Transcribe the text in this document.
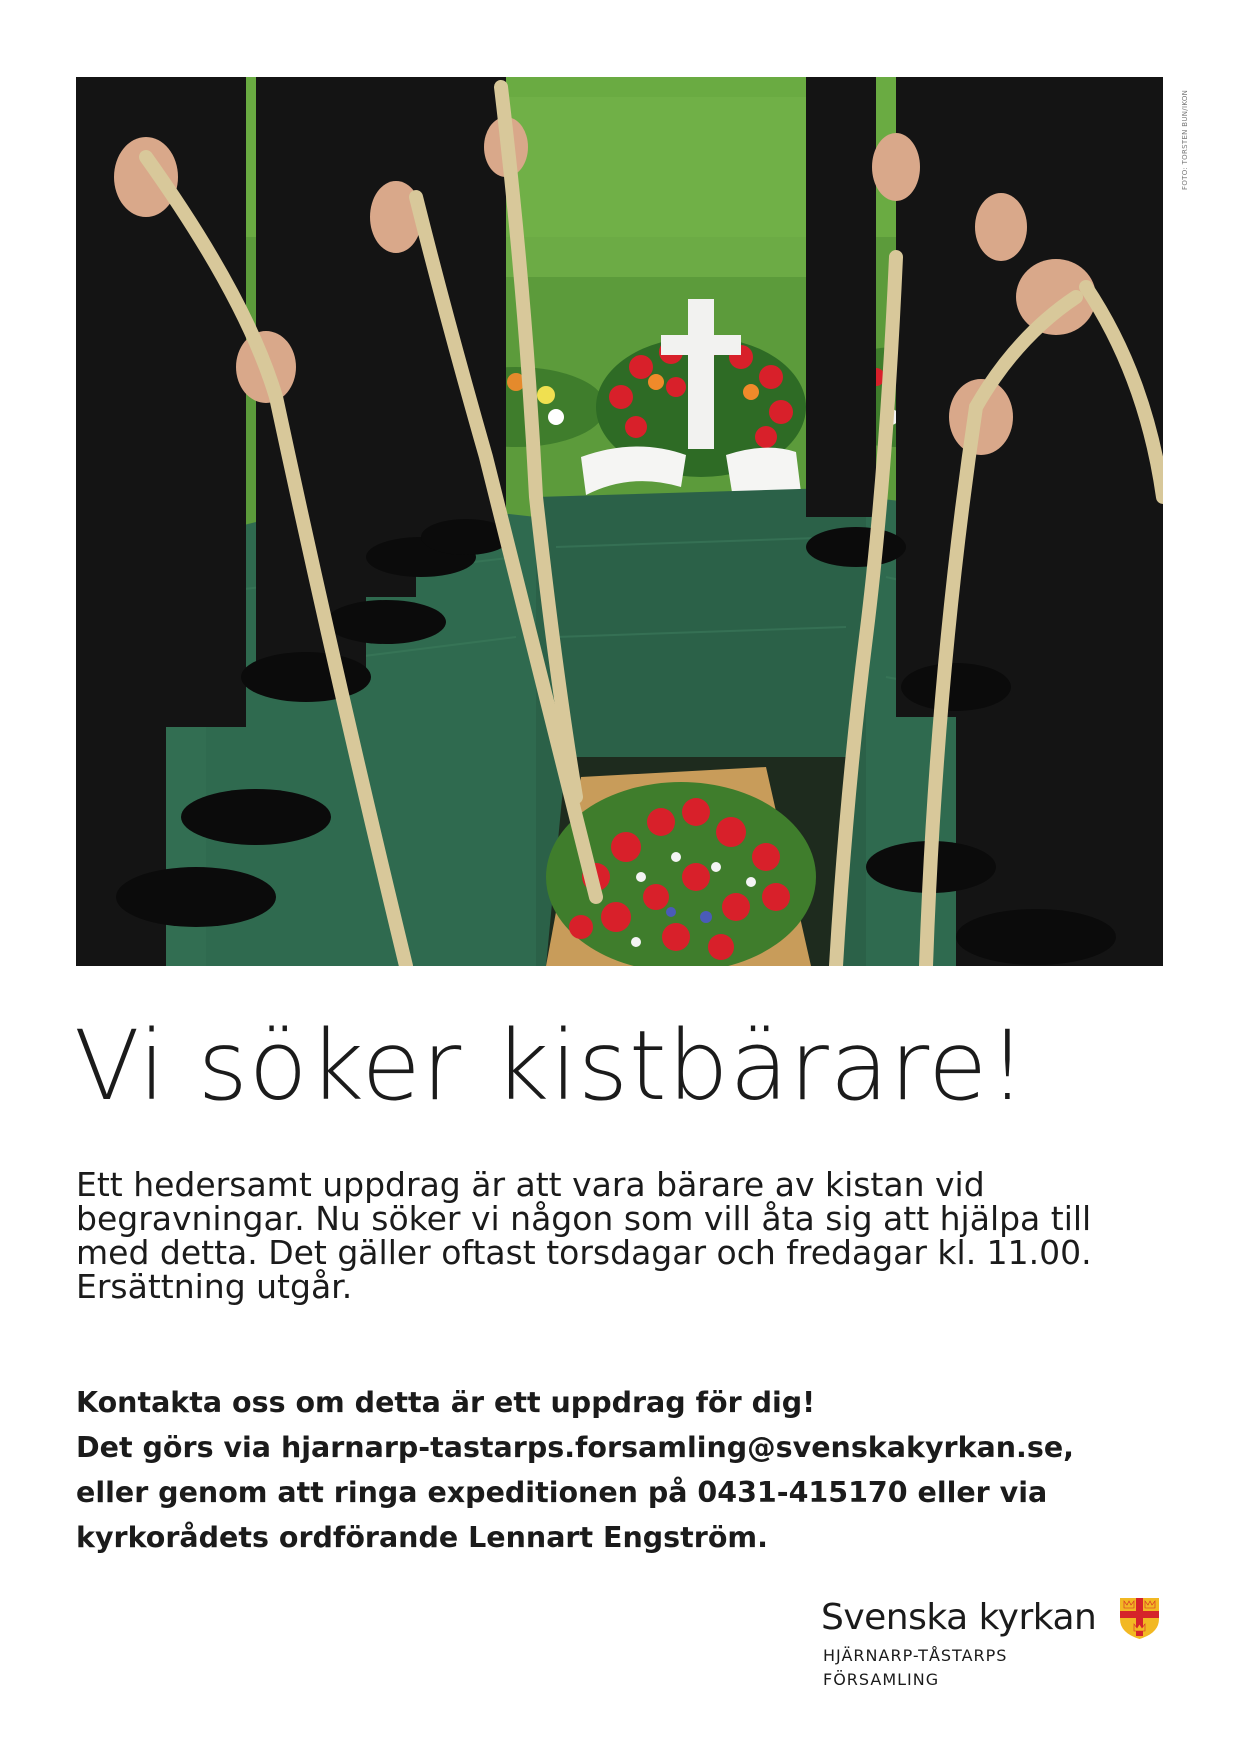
FOTO: TORSTEN BUN/IKON
Vi söker kistbärare!

Ett hedersamt uppdrag är att vara bärare av kistan vid
begravningar. Nu söker vi någon som vill åta sig att hjälpa till
med detta. Det gäller oftast torsdagar och fredagar kl. 11.00.
Ersättning utgår.

Kontakta oss om detta är ett uppdrag för dig!
Det görs via hjarnarp-tastarps.forsamling@svenskakyrkan.se,
eller genom att ringa expeditionen på 0431-415170 eller via
kyrkorådets ordförande Lennart Engström.

Svenska kyrkan
HJÄRNARP-TÅSTARPS
FÖRSAMLING
